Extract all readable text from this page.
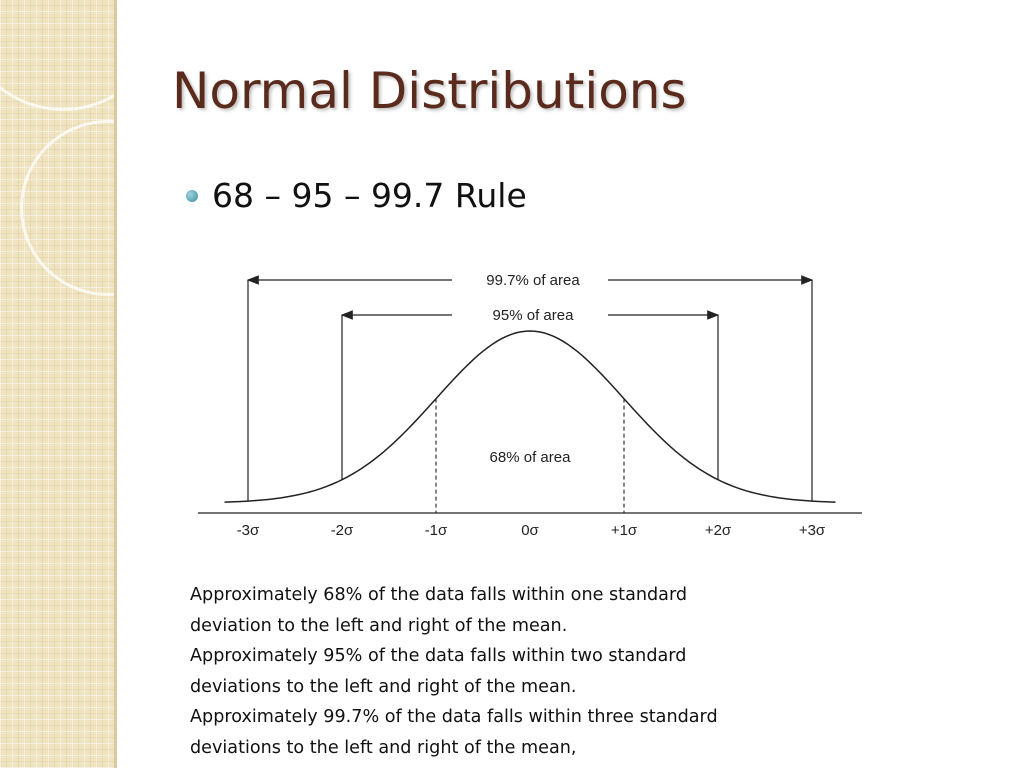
Normal Distributions
68 – 95 – 99.7 Rule
-3σ	-2σ	-1σ	0σ	+1σ	+2σ	+3σ
99.7% of area
95% of area
68% of area
Approximately 68% of the data falls within one standard
deviation to the left and right of the mean.
Approximately 95% of the data falls within two standard
deviations to the left and right of the mean.
Approximately 99.7% of the data falls within three standard
deviations to the left and right of the mean,
